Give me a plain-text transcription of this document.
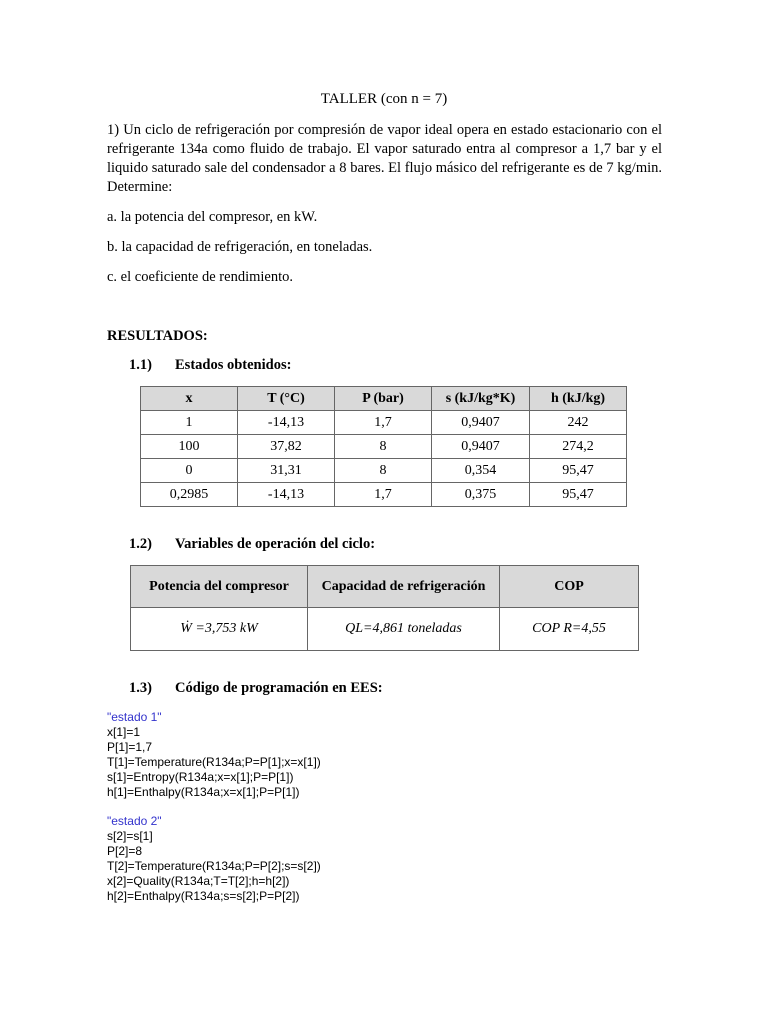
TALLER (con n = 7)
1) Un ciclo de refrigeración por compresión de vapor ideal opera en estado estacionario con el refrigerante 134a como fluido de trabajo. El vapor saturado entra al compresor a 1,7 bar y el liquido saturado sale del condensador a 8 bares. El flujo másico del refrigerante es de 7 kg/min. Determine:
a. la potencia del compresor, en kW.
b. la capacidad de refrigeración, en toneladas.
c. el coeficiente de rendimiento.
RESULTADOS:
1.1) Estados obtenidos:
x	T (°C)	P (bar)	s (kJ/kg*K)	h (kJ/kg)
1	-14,13	1,7	0,9407	242
100	37,82	8	0,9407	274,2
0	31,31	8	0,354	95,47
0,2985	-14,13	1,7	0,375	95,47
1.2) Variables de operación del ciclo:
Potencia del compresor	Capacidad de refrigeración	COP
Ẇ =3,753 kW	QL=4,861 toneladas	COP R=4,55
1.3) Código de programación en EES:
"estado 1"
x[1]=1
P[1]=1,7
T[1]=Temperature(R134a;P=P[1];x=x[1])
s[1]=Entropy(R134a;x=x[1];P=P[1])
h[1]=Enthalpy(R134a;x=x[1];P=P[1])
"estado 2"
s[2]=s[1]
P[2]=8
T[2]=Temperature(R134a;P=P[2];s=s[2])
x[2]=Quality(R134a;T=T[2];h=h[2])
h[2]=Enthalpy(R134a;s=s[2];P=P[2])
